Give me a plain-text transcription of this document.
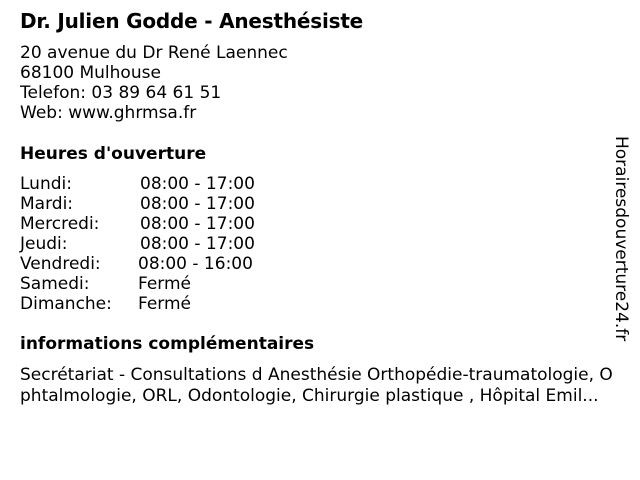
Dr. Julien Godde - Anesthésiste
20 avenue du Dr René Laennec
68100 Mulhouse
Telefon: 03 89 64 61 51
Web: www.ghrmsa.fr
Heures d'ouverture
Lundi:	08:00 - 17:00
Mardi:	08:00 - 17:00
Mercredi: 08:00 - 17:00
Jeudi:	08:00 - 17:00
Vendredi: 08:00 - 16:00
Samedi:	Fermé
Dimanche: Fermé
informations complémentaires
Secrétariat - Consultations d Anesthésie Orthopédie-traumatologie, O
phtalmologie, ORL, Odontologie, Chirurgie plastique , Hôpital Emil...
Horairesdouverture24.fr
